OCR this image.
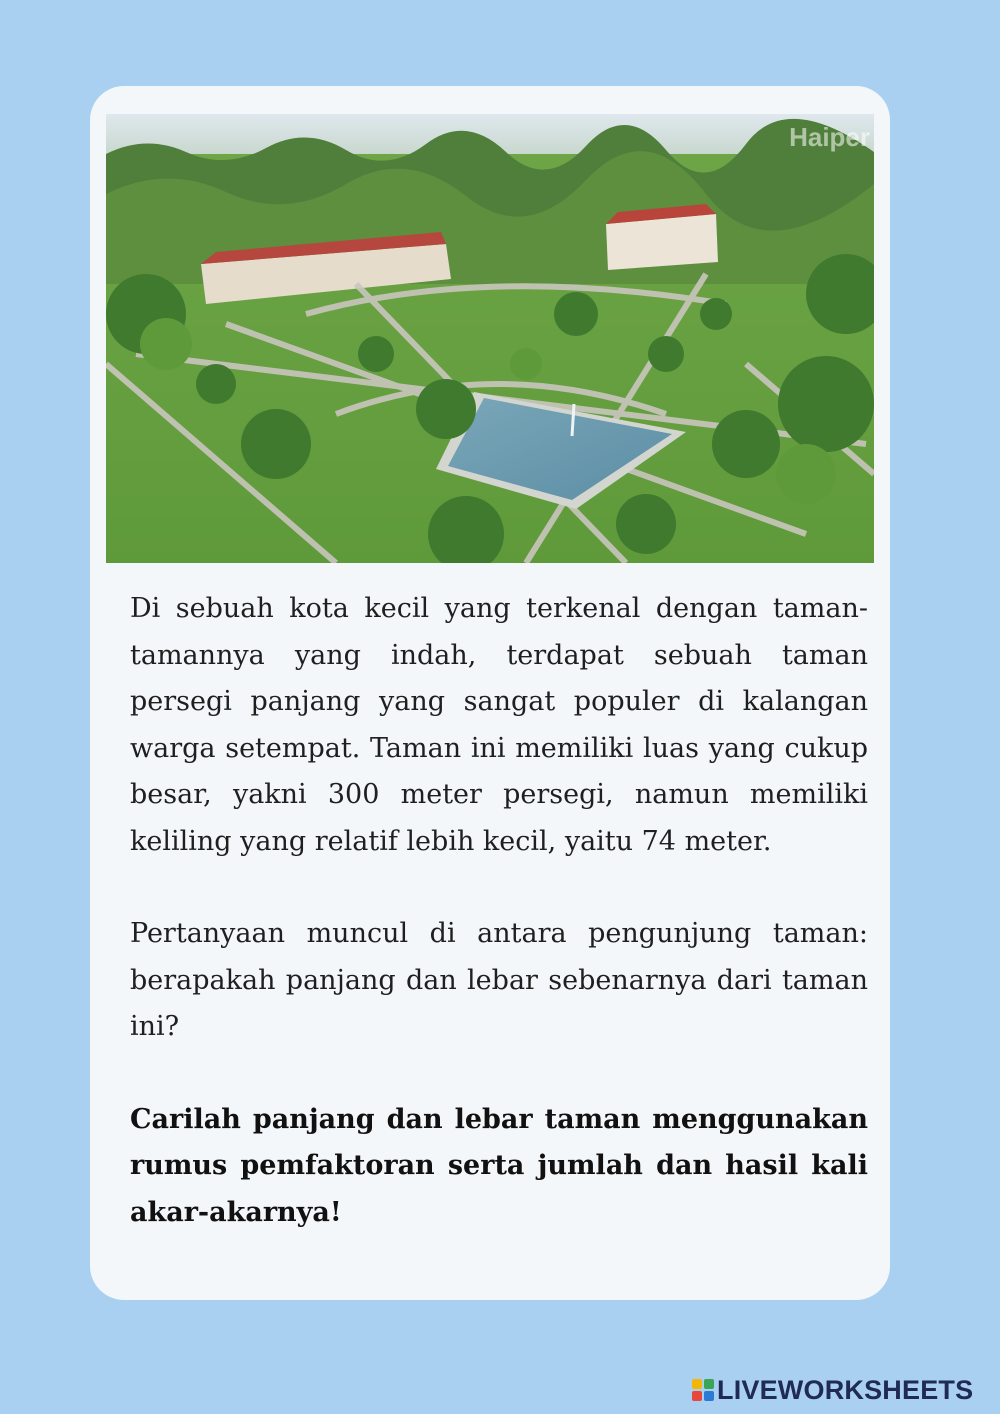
Haiper

Di sebuah kota kecil yang terkenal dengan taman-tamannya yang indah, terdapat sebuah taman persegi panjang yang sangat populer di kalangan warga setempat. Taman ini memiliki luas yang cukup besar, yakni 300 meter persegi, namun memiliki keliling yang relatif lebih kecil, yaitu 74 meter.

Pertanyaan muncul di antara pengunjung taman: berapakah panjang dan lebar sebenarnya dari taman ini?

Carilah panjang dan lebar taman menggunakan rumus pemfaktoran serta jumlah dan hasil kali akar-akarnya!

LIVEWORKSHEETS
